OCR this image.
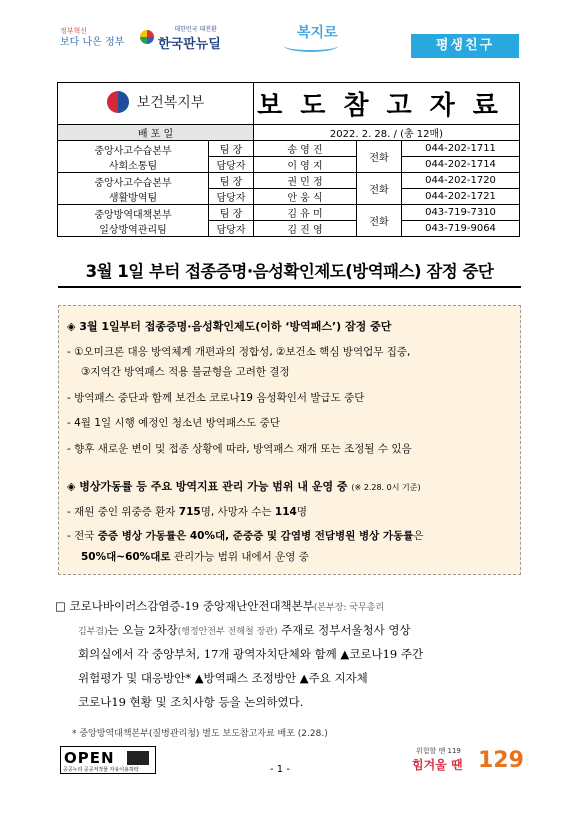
정부혁신
보다 나은 정부
대한민국 대전환
한국판뉴딜
복지로
평생친구
보건복지부		보도참고자료		
배 포 일		2022. 2. 28. / (총 12매)		
중앙사고수습본부
사회소통팀	팀 장	송 영 진	전화	044-202-1711
	담당자	이 영 지		044-202-1714
중앙사고수습본부
생활방역팀	팀 장	권 민 정	전화	044-202-1720
	담당자	안 웅 식		044-202-1721
중앙방역대책본부
일상방역관리팀	팀 장	김 유 미	전화	043-719-7310
	담당자	김 진 영		043-719-9064
3월 1일 부터 접종증명·음성확인제도(방역패스) 잠정 중단
◈ 3월 1일부터 접종증명·음성확인제도(이하 ‘방역패스’) 잠정 중단
- ①오미크론 대응 방역체계 개편과의 정합성, ②보건소 핵심 방역업무 집중,
③지역간 방역패스 적용 불균형을 고려한 결정
- 방역패스 중단과 함께 보건소 코로나19 음성확인서 발급도 중단
- 4월 1일 시행 예정인 청소년 방역패스도 중단
- 향후 새로운 변이 및 접종 상황에 따라, 방역패스 재개 또는 조정될 수 있음
◈ 병상가동률 등 주요 방역지표 관리 가능 범위 내 운영 중 (※ 2.28. 0시 기준)
- 재원 중인 위중증 환자 715명, 사망자 수는 114명
- 전국 중증 병상 가동률은 40%대, 준중증 및 감염병 전담병원 병상 가동률은
50%대~60%대로 관리가능 범위 내에서 운영 중
□ 코로나바이러스감염증-19 중앙재난안전대책본부(본부장: 국무총리
김부겸)는 오늘 2차장(행정안전부 전해철 장관) 주재로 정부서울청사 영상
회의실에서 각 중앙부처, 17개 광역자치단체와 함께 ▲코로나19 주간
위험평가 및 대응방안* ▲방역패스 조정방안 ▲주요 지자체
코로나19 현황 및 조치사항 등을 논의하였다.
* 중앙방역대책본부(질병관리청) 별도 보도참고자료 배포 (2.28.)
OPEN
공공누리 공공저작물 자유이용허락	- 1 -
위험할 땐 119
힘겨울 땐 129
